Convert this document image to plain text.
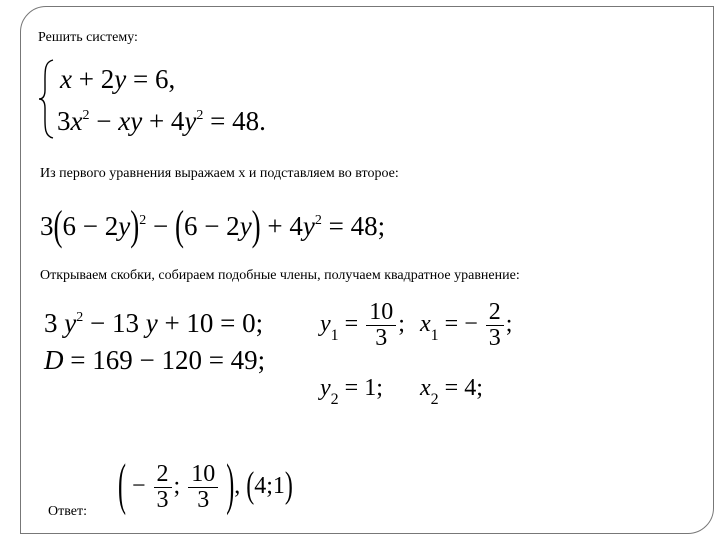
Решить систему:
x + 2y = 6,
$3x^2$ − xy + $4y^2 = 48$.
Из первого уравнения выражаем x и подставляем во второе:
$3(6 - 2y)^2 - (6 - 2y) + 4y^2 = 48$;
Открываем скобки, собираем подобные члены, получаем квадратное уравнение:
3 $y^2 - 13$ y + 10 = 0;
D = 169 − 120 = 49;
$y_1 = \frac{10}{3}$ ; $x_1$ = − $\frac{2}{3}$ ;
$y_2 = 1$; $x_2 = 4$;
Ответ: ( − $\frac{2}{3}$ ; $\frac{10}{3}$ ), (4;1)
